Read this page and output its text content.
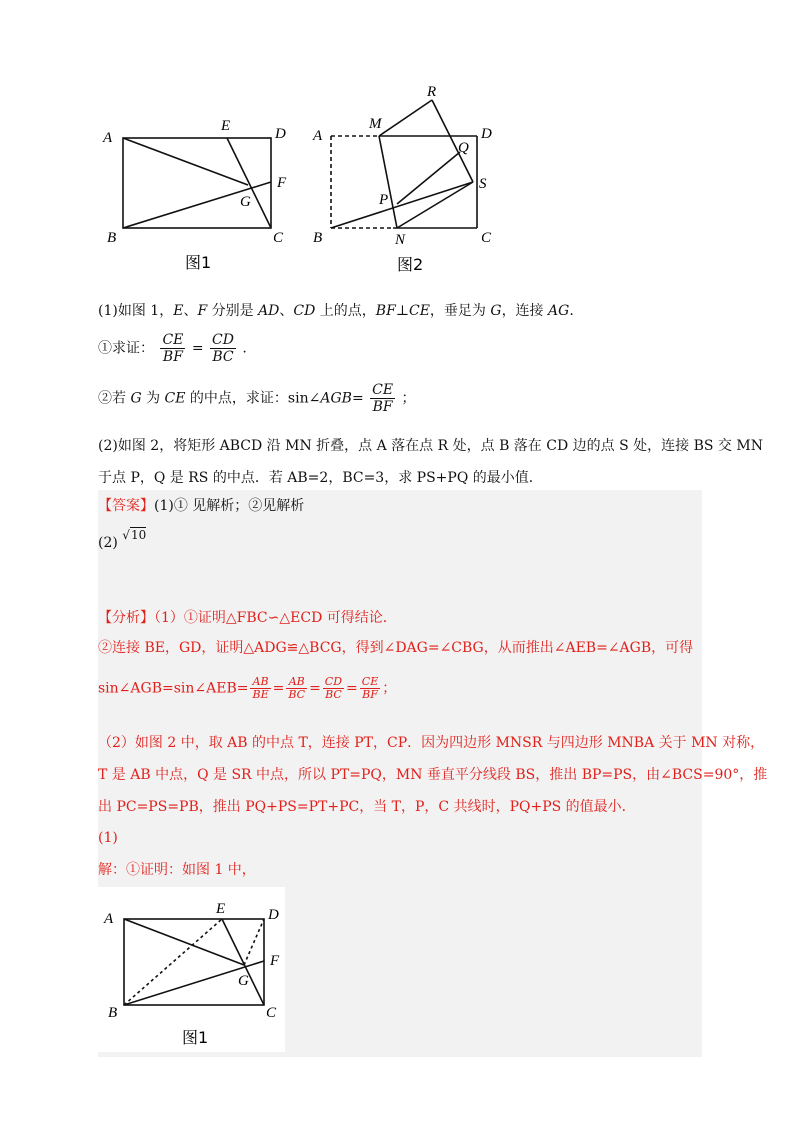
A
E	D
F
G
B	C
图1
A
M
R
D
Q
S
P
B	N	C
图2
(1)如图 1，E、F 分别是 AD、CD 上的点，BF⊥CE，垂足为 G，连接 AG.
①求证： $\frac{CE}{BF} = \frac{CD}{BC}$ .
②若 G 为 CE 的中点，求证：sin∠AGB= $\frac{CE}{BF}$ ；
(2)如图 2，将矩形 ABCD 沿 MN 折叠，点 A 落在点 R 处，点 B 落在 CD 边的点 S 处，连接 BS 交 MN
于点 P，Q 是 RS 的中点．若 AB=2，BC=3，求 PS+PQ 的最小值．
【答案】(1)① 见解析；②见解析
(2) √10
【分析】（1）①证明△FBC∽△ECD 可得结论．
②连接 BE，GD，证明△ADG≌△BCG，得到∠DAG=∠CBG，从而推出∠AEB=∠AGB，可得
sin∠AGB=sin∠AEB= $\frac{AB}{BE} = \frac{AB}{BC} = \frac{CD}{BC} = \frac{CE}{BF}$ ；
（2）如图 2 中，取 AB 的中点 T，连接 PT，CP．因为四边形 MNSR 与四边形 MNBA 关于 MN 对称，
T 是 AB 中点，Q 是 SR 中点，所以 PT=PQ，MN 垂直平分线段 BS，推出 BP=PS，由∠BCS=90°，推
出 PC=PS=PB，推出 PQ+PS=PT+PC，当 T，P，C 共线时，PQ+PS 的值最小．
(1)
解：①证明：如图 1 中，
A
E	D
F
G
B	C
图1
